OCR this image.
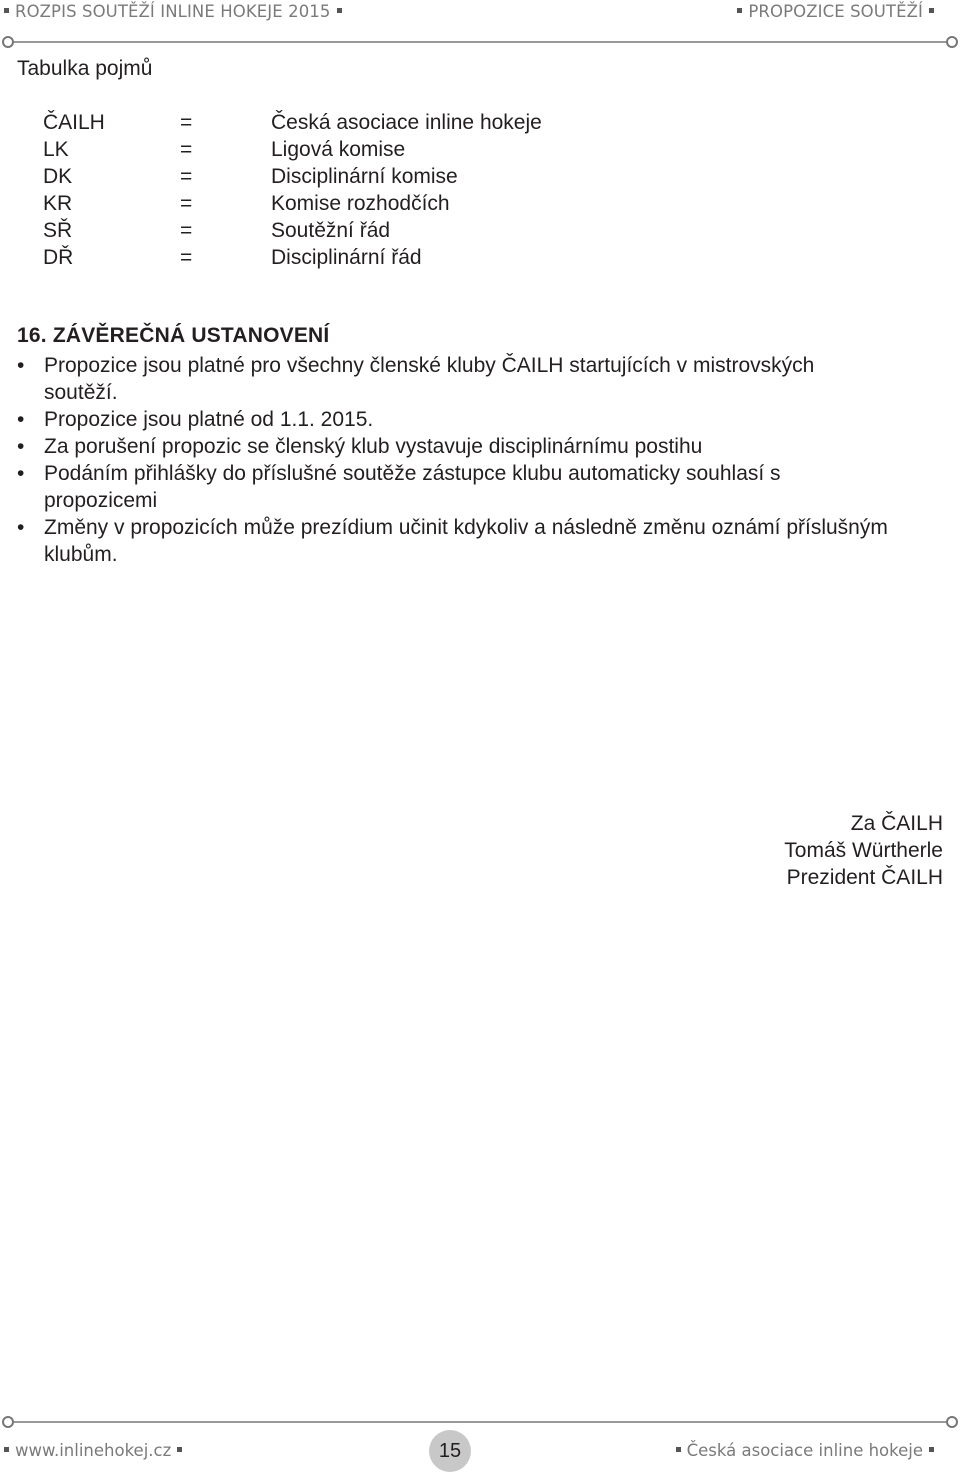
ROZPIS SOUTĚŽÍ INLINE HOKEJE 2015	PROPOZICE SOUTĚŽÍ
Tabulka pojmů
ČAILH	=	Česká asociace inline hokeje
LK	=	Ligová komise
DK	=	Disciplinární komise
KR	=	Komise rozhodčích
SŘ	=	Soutěžní řád
DŘ	=	Disciplinární řád
16. ZÁVĚREČNÁ USTANOVENÍ
• Propozice jsou platné pro všechny členské kluby ČAILH startujících v mistrovských
soutěží.
• Propozice jsou platné od 1.1. 2015.
• Za porušení propozic se členský klub vystavuje disciplinárnímu postihu
• Podáním přihlášky do příslušné soutěže zástupce klubu automaticky souhlasí s
propozicemi
• Změny v propozicích může prezídium učinit kdykoliv a následně změnu oznámí příslušným
klubům.
Za ČAILH
Tomáš Würtherle
Prezident ČAILH
www.inlinehokej.cz	15	Česká asociace inline hokeje
